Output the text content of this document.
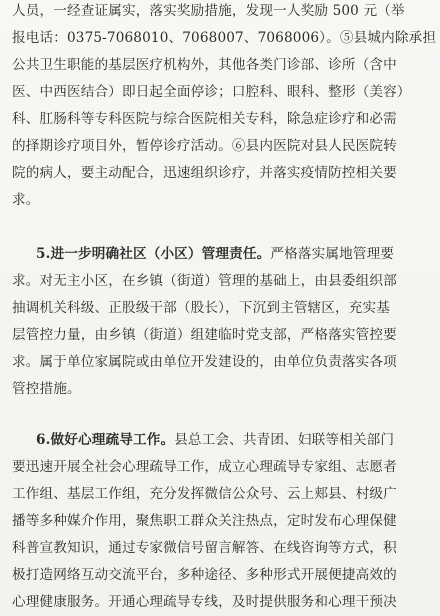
人员，一经查证属实，落实奖励措施，发现一人奖励 500 元（举
报电话：0375-7068010、7068007、7068006）。⑤县城内除承担
公共卫生职能的基层医疗机构外，其他各类门诊部、诊所（含中
医、中西医结合）即日起全面停诊；口腔科、眼科、整形（美容）
科、肛肠科等专科医院与综合医院相关专科，除急症诊疗和必需
的择期诊疗项目外，暂停诊疗活动。⑥县内医院对县人民医院转
院的病人，要主动配合，迅速组织诊疗，并落实疫情防控相关要
求。
5.进一步明确社区（小区）管理责任。严格落实属地管理要
求。对无主小区，在乡镇（街道）管理的基础上，由县委组织部
抽调机关科级、正股级干部（股长），下沉到主管辖区，充实基
层管控力量，由乡镇（街道）组建临时党支部，严格落实管控要
求。属于单位家属院或由单位开发建设的，由单位负责落实各项
管控措施。
6.做好心理疏导工作。县总工会、共青团、妇联等相关部门
要迅速开展全社会心理疏导工作，成立心理疏导专家组、志愿者
工作组、基层工作组，充分发挥微信公众号、云上郏县、村级广
播等多种媒介作用，聚焦职工群众关注热点，定时发布心理保健
科普宣教知识，通过专家微信号留言解答、在线咨询等方式，积
极打造网络互动交流平台，多种途径、多种形式开展便捷高效的
心理健康服务。开通心理疏导专线，及时提供服务和心理干预决
